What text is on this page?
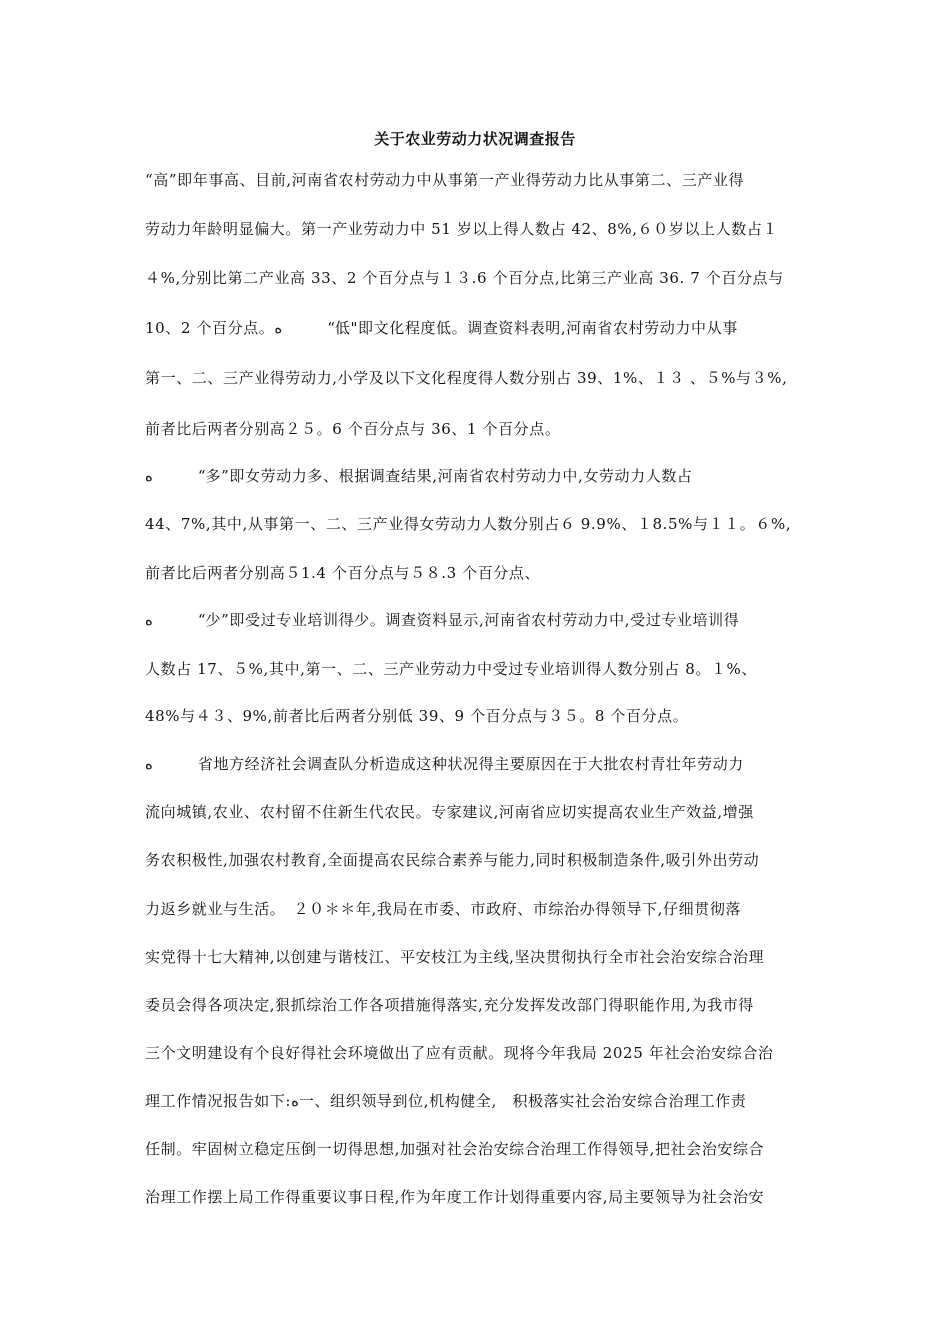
关于农业劳动力状况调查报告
“高”即年事高、目前,河南省农村劳动力中从事第一产业得劳动力比从事第二、三产业得
劳动力年龄明显偏大。第一产业劳动力中 51 岁以上得人数占 42、8%,６０岁以上人数占１
４%,分别比第二产业高 33、2 个百分点与１３.6 个百分点,比第三产业高 36. 7 个百分点与
10、2 个百分点。ﻩ　　　“低"即文化程度低。调查资料表明,河南省农村劳动力中从事
第一、二、三产业得劳动力,小学及以下文化程度得人数分别占 39、1%、１３ 、５%与３%,
前者比后两者分别高２５。6 个百分点与 36、1 个百分点。
ﻩ　　　“多”即女劳动力多、根据调查结果,河南省农村劳动力中,女劳动力人数占
44、7%,其中,从事第一、二、三产业得女劳动力人数分别占６ 9.9%、１8.5%与１１。６%,
前者比后两者分别高５1.4 个百分点与５８.3 个百分点、
ﻩ　　　“少”即受过专业培训得少。调查资料显示,河南省农村劳动力中,受过专业培训得
人数占 17、５%,其中,第一、二、三产业劳动力中受过专业培训得人数分别占 8。１%、
48%与４３、9%,前者比后两者分别低 39、9 个百分点与３５。8 个百分点。
ﻩ　　　省地方经济社会调查队分析造成这种状况得主要原因在于大批农村青壮年劳动力
流向城镇,农业、农村留不住新生代农民。专家建议,河南省应切实提高农业生产效益,增强
务农积极性,加强农村教育,全面提高农民综合素养与能力,同时积极制造条件,吸引外出劳动
力返乡就业与生活。　２０＊＊年,我局在市委、市政府、市综治办得领导下,仔细贯彻落
实党得十七大精神,以创建与谐枝江、平安枝江为主线,坚决贯彻执行全市社会治安综合治理
委员会得各项决定,狠抓综治工作各项措施得落实,充分发挥发改部门得职能作用,为我市得
三个文明建设有个良好得社会环境做出了应有贡献。现将今年我局 2025 年社会治安综合治
理工作情况报告如下:ﻩ一、组织领导到位,机构健全,　积极落实社会治安综合治理工作责
任制。牢固树立稳定压倒一切得思想,加强对社会治安综合治理工作得领导,把社会治安综合
治理工作摆上局工作得重要议事日程,作为年度工作计划得重要内容,局主要领导为社会治安
